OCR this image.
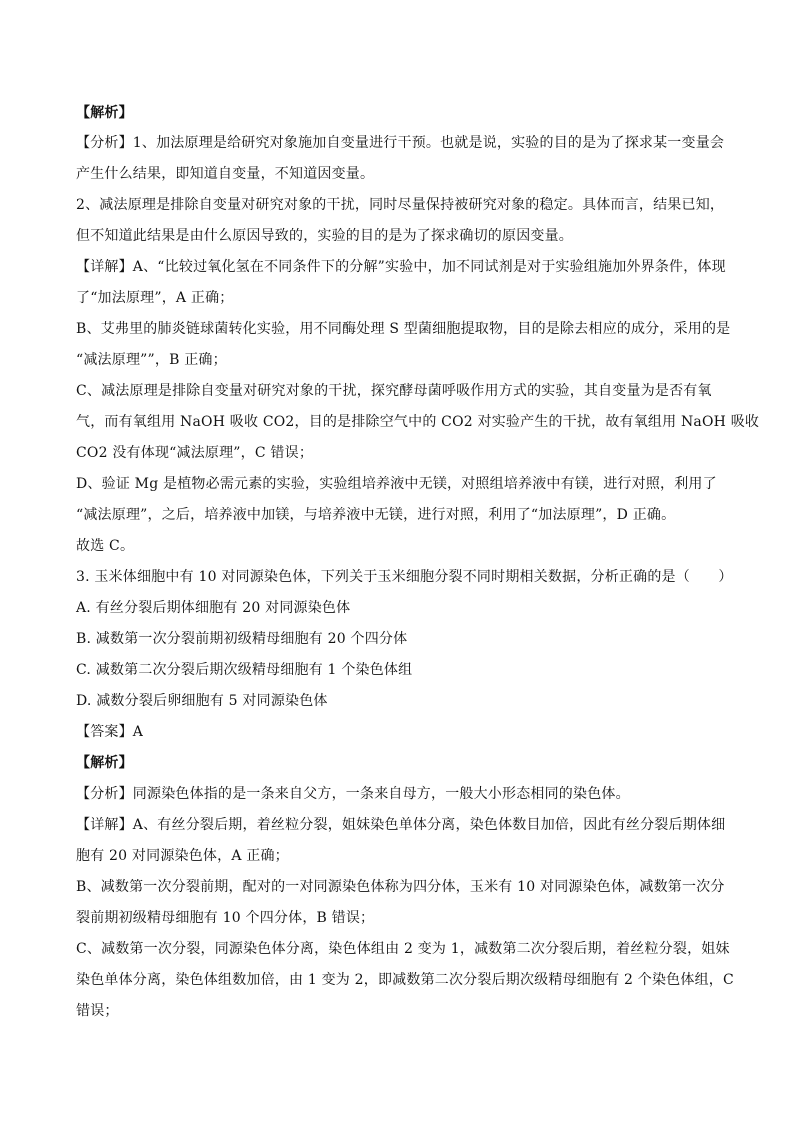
【解析】
【分析】1、加法原理是给研究对象施加自变量进行干预。也就是说，实验的目的是为了探求某一变量会
产生什么结果，即知道自变量，不知道因变量。
2、减法原理是排除自变量对研究对象的干扰，同时尽量保持被研究对象的稳定。具体而言，结果已知，
但不知道此结果是由什么原因导致的，实验的目的是为了探求确切的原因变量。
【详解】A、“比较过氧化氢在不同条件下的分解”实验中，加不同试剂是对于实验组施加外界条件，体现
了“加法原理”，A 正确；
B、艾弗里的肺炎链球菌转化实验，用不同酶处理 S 型菌细胞提取物，目的是除去相应的成分，采用的是
“减法原理””，B 正确；
C、减法原理是排除自变量对研究对象的干扰，探究酵母菌呼吸作用方式的实验，其自变量为是否有氧
气，而有氧组用 NaOH 吸收 CO2，目的是排除空气中的 CO2 对实验产生的干扰，故有氧组用 NaOH 吸收
CO2 没有体现“减法原理”，C 错误；
D、验证 Mg 是植物必需元素的实验，实验组培养液中无镁，对照组培养液中有镁，进行对照，利用了
“减法原理”，之后，培养液中加镁，与培养液中无镁，进行对照，利用了“加法原理”，D 正确。
故选 C。
3. 玉米体细胞中有 10 对同源染色体，下列关于玉米细胞分裂不同时期相关数据，分析正确的是（　　）
A. 有丝分裂后期体细胞有 20 对同源染色体
B. 减数第一次分裂前期初级精母细胞有 20 个四分体
C. 减数第二次分裂后期次级精母细胞有 1 个染色体组
D. 减数分裂后卵细胞有 5 对同源染色体
【答案】A
【解析】
【分析】同源染色体指的是一条来自父方，一条来自母方，一般大小形态相同的染色体。
【详解】A、有丝分裂后期，着丝粒分裂，姐妹染色单体分离，染色体数目加倍，因此有丝分裂后期体细
胞有 20 对同源染色体，A 正确；
B、减数第一次分裂前期，配对的一对同源染色体称为四分体，玉米有 10 对同源染色体，减数第一次分
裂前期初级精母细胞有 10 个四分体，B 错误；
C、减数第一次分裂，同源染色体分离，染色体组由 2 变为 1，减数第二次分裂后期，着丝粒分裂，姐妹
染色单体分离，染色体组数加倍，由 1 变为 2，即减数第二次分裂后期次级精母细胞有 2 个染色体组，C
错误；
